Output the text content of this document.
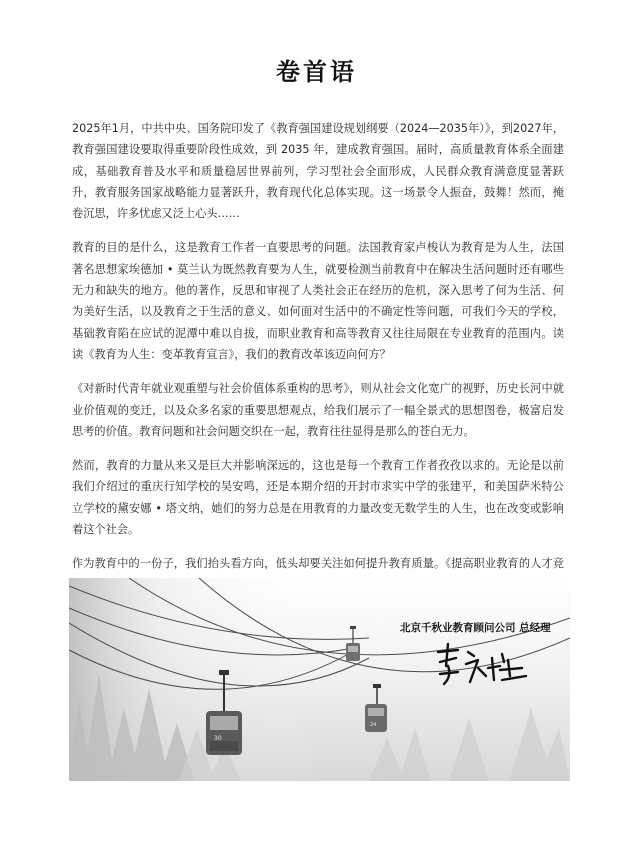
卷首语

2025年1月，中共中央、国务院印发了《教育强国建设规划纲要（2024—2035年）》，到2027年，教育强国建设要取得重要阶段性成效，到 2035 年，建成教育强国。届时，高质量教育体系全面建成，基础教育普及水平和质量稳居世界前列，学习型社会全面形成，人民群众教育满意度显著跃升，教育服务国家战略能力显著跃升，教育现代化总体实现。这一场景令人振奋，鼓舞！然而，掩卷沉思，许多忧虑又泛上心头……

教育的目的是什么，这是教育工作者一直要思考的问题。法国教育家卢梭认为教育是为人生，法国著名思想家埃德加 • 莫兰认为既然教育要为人生，就要检测当前教育中在解决生活问题时还有哪些无力和缺失的地方。他的著作，反思和审视了人类社会正在经历的危机，深入思考了何为生活、何为美好生活，以及教育之于生活的意义、如何面对生活中的不确定性等问题，可我们今天的学校，基础教育陷在应试的泥潭中难以自拔，而职业教育和高等教育又往往局限在专业教育的范围内。读读《教育为人生：变革教育宣言》，我们的教育改革该迈向何方？

《对新时代青年就业观重塑与社会价值体系重构的思考》，则从社会文化宽广的视野，历史长河中就业价值观的变迁，以及众多名家的重要思想观点，给我们展示了一幅全景式的思想图卷，极富启发思考的价值。教育问题和社会问题交织在一起，教育往往显得是那么的苍白无力。

然而，教育的力量从来又是巨大并影响深远的，这也是每一个教育工作者孜孜以求的。无论是以前我们介绍过的重庆行知学校的吴安鸣，还是本期介绍的开封市求实中学的张建平，和美国萨米特公立学校的黛安娜 • 塔文纳，她们的努力总是在用教育的力量改变无数学生的人生，也在改变或影响着这个社会。

作为教育中的一份子，我们抬头看方向，低头却要关注如何提升教育质量。《提高职业教育的人才竞

30
24
北京千秋业教育顾问公司 总经理
